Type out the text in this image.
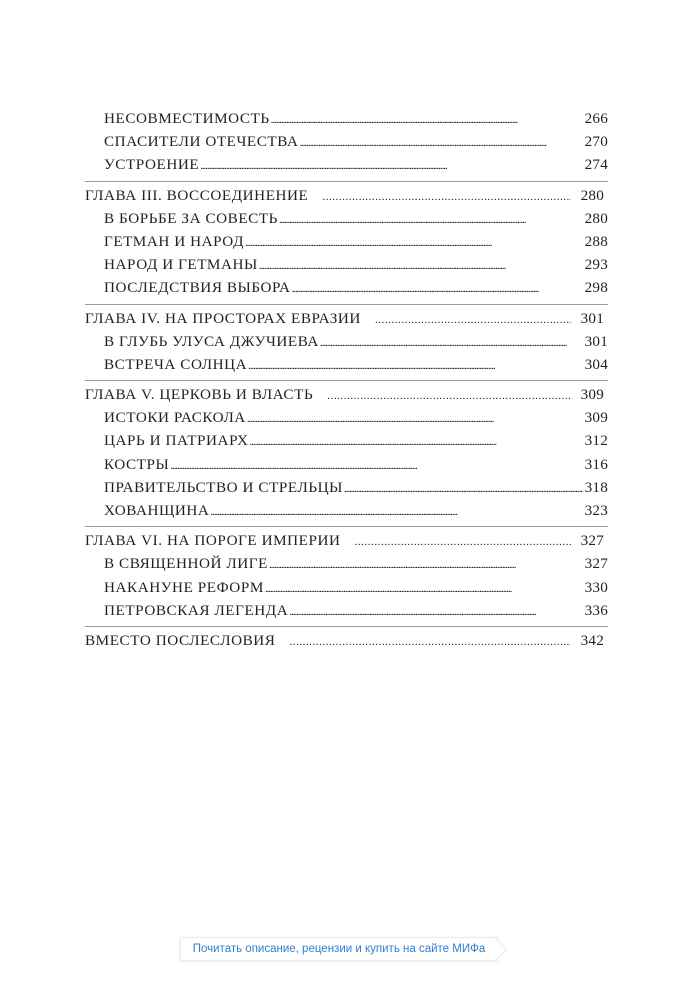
НЕСОВМЕСТИМОСТЬ . . .	266
СПАСИТЕЛИ ОТЕЧЕСТВА . . .	270
УСТРОЕНИЕ . . .	274
ГЛАВА III. ВОССОЕДИНЕНИЕ . . .	280
В БОРЬБЕ ЗА СОВЕСТЬ . . .	280
ГЕТМАН И НАРОД . . .	288
НАРОД И ГЕТМАНЫ . . .	293
ПОСЛЕДСТВИЯ ВЫБОРА . . .	298
ГЛАВА IV. НА ПРОСТОРАХ ЕВРАЗИИ . . .	301
В ГЛУБЬ УЛУСА ДЖУЧИЕВА . . .	301
ВСТРЕЧА СОЛНЦА . . .	304
ГЛАВА V. ЦЕРКОВЬ И ВЛАСТЬ . . .	309
ИСТОКИ РАСКОЛА . . .	309
ЦАРЬ И ПАТРИАРХ . . .	312
КОСТРЫ . . .	316
ПРАВИТЕЛЬСТВО И СТРЕЛЬЦЫ . . .	318
ХОВАНЩИНА . . .	323
ГЛАВА VI. НА ПОРОГЕ ИМПЕРИИ . . .	327
В СВЯЩЕННОЙ ЛИГЕ . . .	327
НАКАНУНЕ РЕФОРМ . . .	330
ПЕТРОВСКАЯ ЛЕГЕНДА . . .	336
ВМЕСТО ПОСЛЕСЛОВИЯ . . .	342
Почитать описание, рецензии и купить на сайте МИФа
